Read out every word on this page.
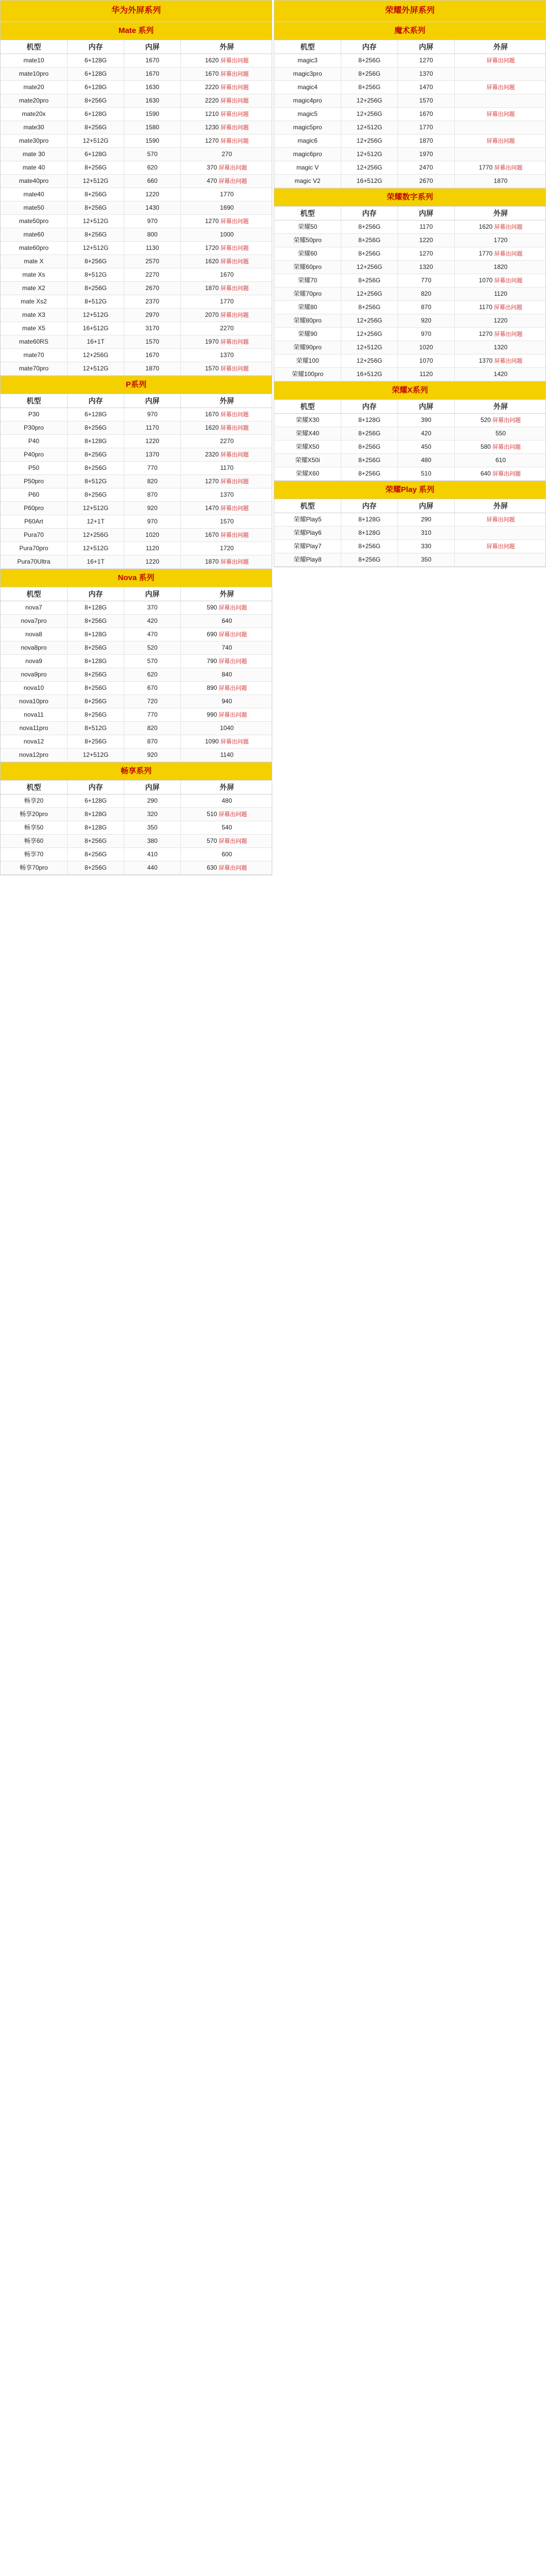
华为外屏系列
Mate 系列
机型	内存	内屏	外屏
mate10	6+128G	1670	1620 屏幕出问题
mate10pro	6+128G	1670	1670 屏幕出问题
mate20	6+128G	1630	2220 屏幕出问题
mate20pro	8+256G	1630	2220 屏幕出问题
mate20x	6+128G	1590	1210 屏幕出问题
mate30	8+256G	1580	1230 屏幕出问题
mate30pro	12+512G	1590	1270 屏幕出问题
mate 30	6+128G	570	270
mate 40	8+256G	620	370 屏幕出问题
mate40pro	12+512G	660	470 屏幕出问题
mate40	8+256G	1220	1770
mate50	8+256G	1430	1690
mate50pro	12+512G	970	1270 屏幕出问题
mate60	8+256G	800	1000
mate60pro	12+512G	1130	1720 屏幕出问题
mate X	8+256G	2570	1620 屏幕出问题
mate Xs	8+512G	2270	1670
mate X2	8+256G	2670	1870 屏幕出问题
mate Xs2	8+512G	2370	1770
mate X3	12+512G	2970	2070 屏幕出问题
mate X5	16+512G	3170	2270
mate60RS	16+1T	1570	1970 屏幕出问题
mate70	12+256G	1670	1370
mate70pro	12+512G	1870	1570 屏幕出问题
P系列
机型	内存	内屏	外屏
P30	6+128G	970	1670 屏幕出问题
P30pro	8+256G	1170	1620 屏幕出问题
P40	8+128G	1220	2270
P40pro	8+256G	1370	2320 屏幕出问题
P50	8+256G	770	1170
P50pro	8+512G	820	1270 屏幕出问题
P60	8+256G	870	1370
P60pro	12+512G	920	1470 屏幕出问题
P60Art	12+1T	970	1570
Pura70	12+256G	1020	1670 屏幕出问题
Pura70pro	12+512G	1120	1720
Pura70Ultra	16+1T	1220	1870 屏幕出问题
Nova 系列
机型	内存	内屏	外屏
nova7	8+128G	370	590 屏幕出问题
nova7pro	8+256G	420	640
nova8	8+128G	470	690 屏幕出问题
nova8pro	8+256G	520	740
nova9	8+128G	570	790 屏幕出问题
nova9pro	8+256G	620	840
nova10	8+256G	670	890 屏幕出问题
nova10pro	8+256G	720	940
nova11	8+256G	770	990 屏幕出问题
nova11pro	8+512G	820	1040
nova12	8+256G	870	1090 屏幕出问题
nova12pro	12+512G	920	1140
畅享系列
机型	内存	内屏	外屏
畅享20	6+128G	290	480
畅享20pro	8+128G	320	510 屏幕出问题
畅享50	8+128G	350	540
畅享60	8+256G	380	570 屏幕出问题
畅享70	8+256G	410	600
畅享70pro	8+256G	440	630 屏幕出问题
荣耀外屏系列
魔术系列
机型	内存	内屏	外屏
magic3	8+256G	1270	屏幕出问题
magic3pro	8+256G	1370
magic4	8+256G	1470	屏幕出问题
magic4pro	12+256G	1570
magic5	12+256G	1670	屏幕出问题
magic5pro	12+512G	1770
magic6	12+256G	1870	屏幕出问题
magic6pro	12+512G	1970
magic V	12+256G	2470	1770 屏幕出问题
magic V2	16+512G	2670	1870
荣耀数字系列
机型	内存	内屏	外屏
荣耀50	8+256G	1170	1620 屏幕出问题
荣耀50pro	8+256G	1220	1720
荣耀60	8+256G	1270	1770 屏幕出问题
荣耀60pro	12+256G	1320	1820
荣耀70	8+256G	770	1070 屏幕出问题
荣耀70pro	12+256G	820	1120
荣耀80	8+256G	870	1170 屏幕出问题
荣耀80pro	12+256G	920	1220
荣耀90	12+256G	970	1270 屏幕出问题
荣耀90pro	12+512G	1020	1320
荣耀100	12+256G	1070	1370 屏幕出问题
荣耀100pro	16+512G	1120	1420
荣耀X系列
机型	内存	内屏	外屏
荣耀X30	8+128G	390	520 屏幕出问题
荣耀X40	8+256G	420	550
荣耀X50	8+256G	450	580 屏幕出问题
荣耀X50i	8+256G	480	610
荣耀X60	8+256G	510	640 屏幕出问题
荣耀Play 系列
机型	内存	内屏	外屏
荣耀Play5	8+128G	290	屏幕出问题
荣耀Play6	8+128G	310
荣耀Play7	8+256G	330	屏幕出问题
荣耀Play8	8+256G	350
